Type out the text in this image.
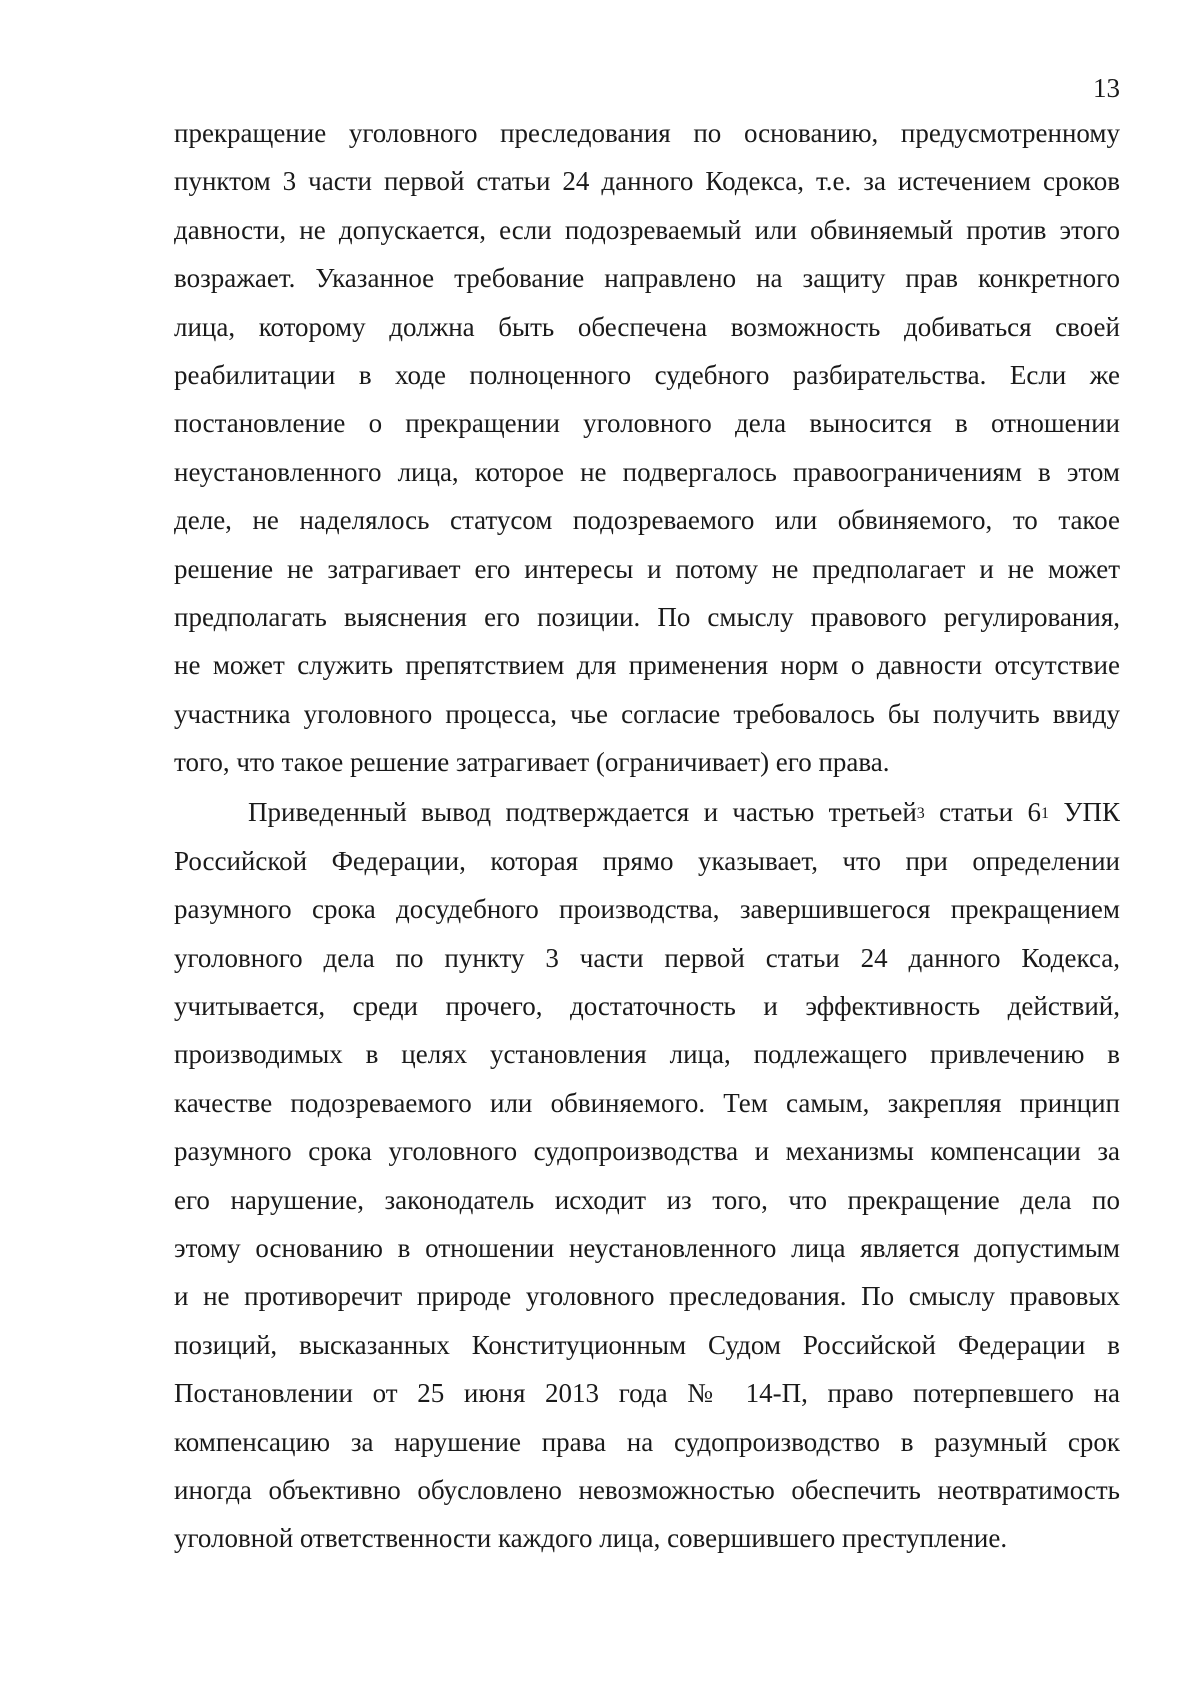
13
прекращение уголовного преследования по основанию, предусмотренному
пунктом 3 части первой статьи 24 данного Кодекса, т.е. за истечением сроков
давности, не допускается, если подозреваемый или обвиняемый против этого
возражает. Указанное требование направлено на защиту прав конкретного
лица, которому должна быть обеспечена возможность добиваться своей
реабилитации в ходе полноценного судебного разбирательства. Если же
постановление о прекращении уголовного дела выносится в отношении
неустановленного лица, которое не подвергалось правоограничениям в этом
деле, не наделялось статусом подозреваемого или обвиняемого, то такое
решение не затрагивает его интересы и потому не предполагает и не может
предполагать выяснения его позиции. По смыслу правового регулирования,
не может служить препятствием для применения норм о давности отсутствие
участника уголовного процесса, чье согласие требовалось бы получить ввиду
того, что такое решение затрагивает (ограничивает) его права.
Приведенный вывод подтверждается и частью третьей$^3$ статьи $6^1$ УПК
Российской Федерации, которая прямо указывает, что при определении
разумного срока досудебного производства, завершившегося прекращением
уголовного дела по пункту 3 части первой статьи 24 данного Кодекса,
учитывается, среди прочего, достаточность и эффективность действий,
производимых в целях установления лица, подлежащего привлечению в
качестве подозреваемого или обвиняемого. Тем самым, закрепляя принцип
разумного срока уголовного судопроизводства и механизмы компенсации за
его нарушение, законодатель исходит из того, что прекращение дела по
этому основанию в отношении неустановленного лица является допустимым
и не противоречит природе уголовного преследования. По смыслу правовых
позиций, высказанных Конституционным Судом Российской Федерации в
Постановлении от 25 июня 2013 года № 14-П, право потерпевшего на
компенсацию за нарушение права на судопроизводство в разумный срок
иногда объективно обусловлено невозможностью обеспечить неотвратимость
уголовной ответственности каждого лица, совершившего преступление.
